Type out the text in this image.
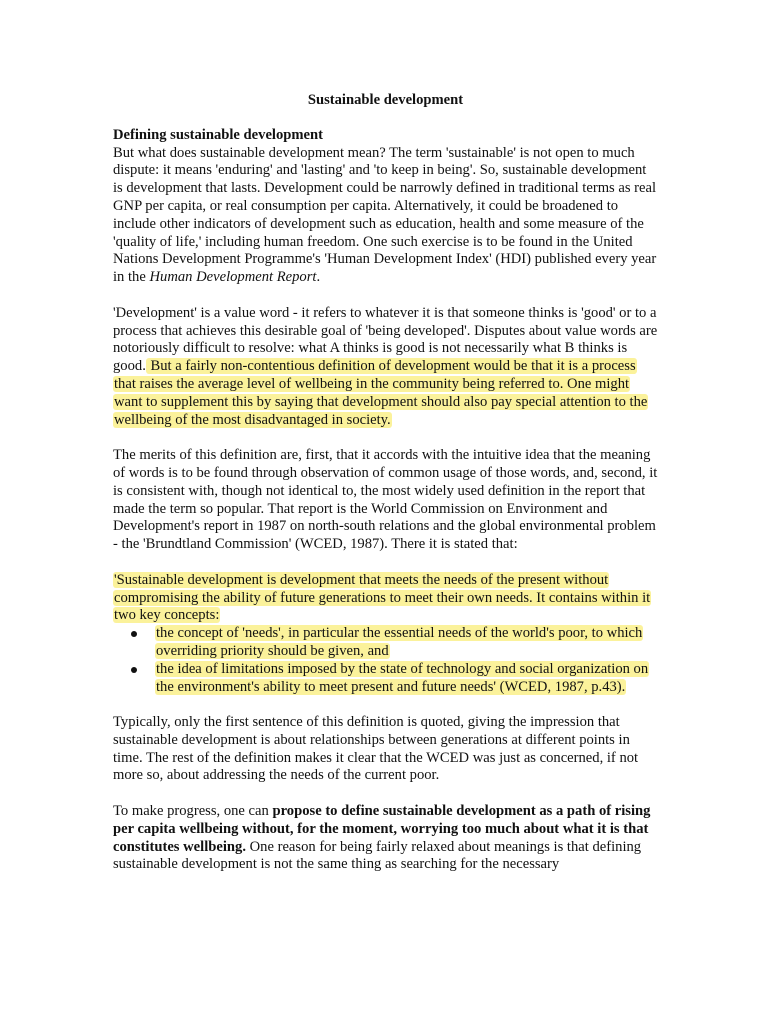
Sustainable development
Defining sustainable development

But what does sustainable development mean? The term 'sustainable' is not open to much dispute: it means 'enduring' and 'lasting' and 'to keep in being'. So, sustainable development is development that lasts. Development could be narrowly defined in traditional terms as real GNP per capita, or real consumption per capita. Alternatively, it could be broadened to include other indicators of development such as education, health and some measure of the 'quality of life,' including human freedom. One such exercise is to be found in the United Nations Development Programme's 'Human Development Index' (HDI) published every year in the Human Development Report.

'Development' is a value word - it refers to whatever it is that someone thinks is 'good' or to a process that achieves this desirable goal of 'being developed'. Disputes about value words are notoriously difficult to resolve: what A thinks is good is not necessarily what B thinks is good. But a fairly non-contentious definition of development would be that it is a process that raises the average level of wellbeing in the community being referred to. One might want to supplement this by saying that development should also pay special attention to the wellbeing of the most disadvantaged in society.

The merits of this definition are, first, that it accords with the intuitive idea that the meaning of words is to be found through observation of common usage of those words, and, second, it is consistent with, though not identical to, the most widely used definition in the report that made the term so popular. That report is the World Commission on Environment and Development's report in 1987 on north-south relations and the global environmental problem - the 'Brundtland Commission' (WCED, 1987). There it is stated that:

'Sustainable development is development that meets the needs of the present without compromising the ability of future generations to meet their own needs. It contains within it two key concepts:
the concept of 'needs', in particular the essential needs of the world's poor, to which overriding priority should be given, and
the idea of limitations imposed by the state of technology and social organization on the environment's ability to meet present and future needs' (WCED, 1987, p.43).

Typically, only the first sentence of this definition is quoted, giving the impression that sustainable development is about relationships between generations at different points in time. The rest of the definition makes it clear that the WCED was just as concerned, if not more so, about addressing the needs of the current poor.

To make progress, one can propose to define sustainable development as a path of rising per capita wellbeing without, for the moment, worrying too much about what it is that constitutes wellbeing. One reason for being fairly relaxed about meanings is that defining sustainable development is not the same thing as searching for the necessary
